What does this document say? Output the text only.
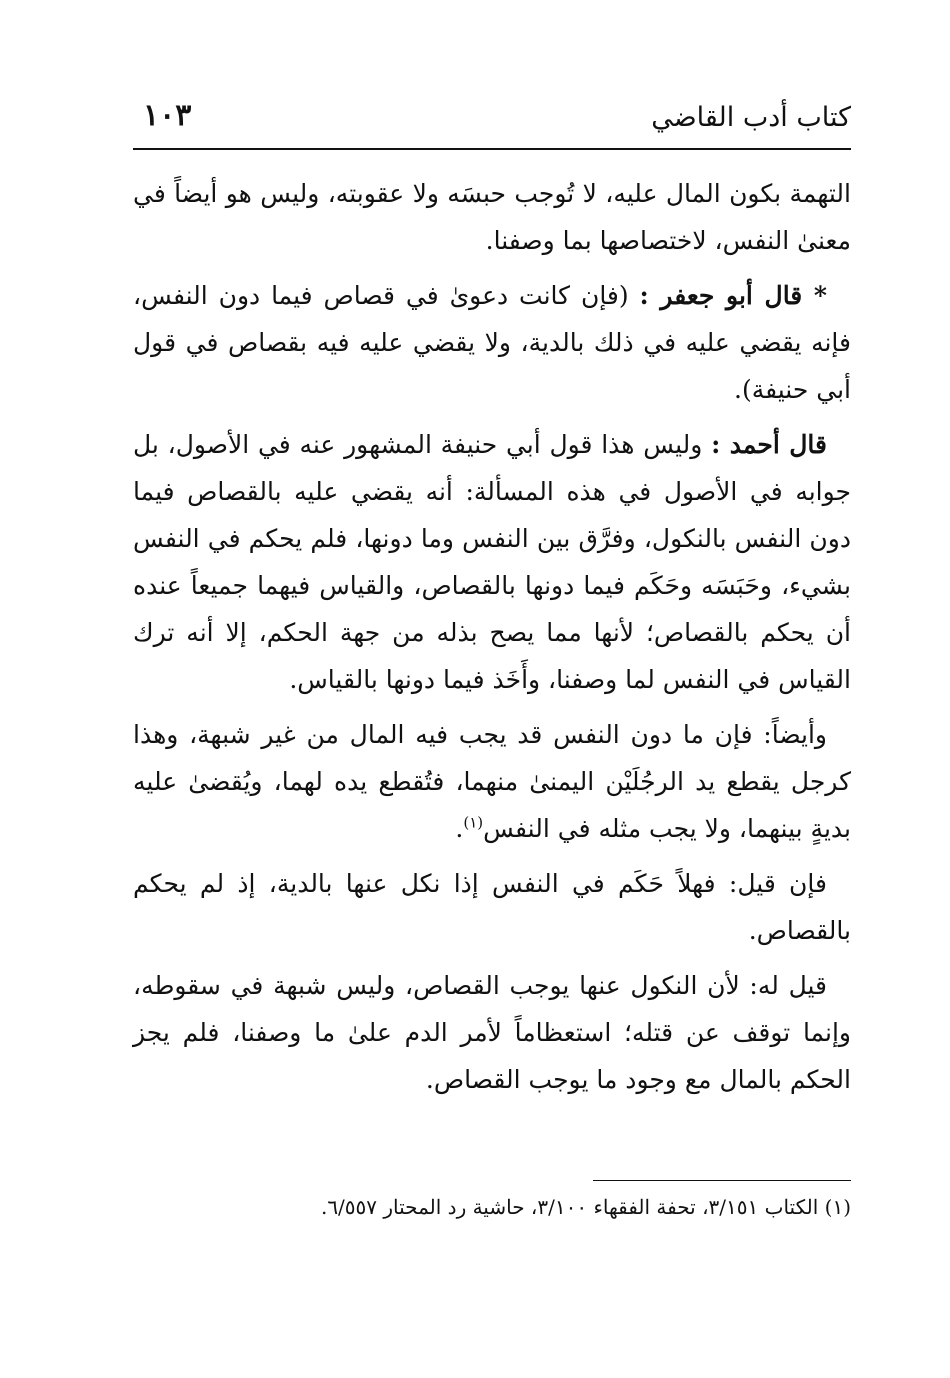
كتاب أدب القاضي
١٠٣

التهمة بكون المال عليه، لا تُوجب حبسَه ولا عقوبته، وليس هو أيضاً في معنىٰ النفس، لاختصاصها بما وصفنا.

* قال أبو جعفر : (فإن كانت دعوىٰ في قصاص فيما دون النفس، فإنه يقضي عليه في ذلك بالدية، ولا يقضي عليه فيه بقصاص في قول أبي حنيفة).

قال أحمد : وليس هذا قول أبي حنيفة المشهور عنه في الأصول، بل جوابه في الأصول في هذه المسألة: أنه يقضي عليه بالقصاص فيما دون النفس بالنكول، وفرَّق بين النفس وما دونها، فلم يحكم في النفس بشيء، وحَبَسَه وحَكَم فيما دونها بالقصاص، والقياس فيهما جميعاً عنده أن يحكم بالقصاص؛ لأنها مما يصح بذله من جهة الحكم، إلا أنه ترك القياس في النفس لما وصفنا، وأَخَذ فيما دونها بالقياس.

وأيضاً: فإن ما دون النفس قد يجب فيه المال من غير شبهة، وهذا كرجل يقطع يد الرجُلَيْن اليمنىٰ منهما، فتُقطع يده لهما، ويُقضىٰ عليه بديةٍ بينهما، ولا يجب مثله في النفس$^{(١)}$.

فإن قيل: فهلاً حَكَم في النفس إذا نكل عنها بالدية، إذ لم يحكم بالقصاص.

قيل له: لأن النكول عنها يوجب القصاص، وليس شبهة في سقوطه، وإنما توقف عن قتله؛ استعظاماً لأمر الدم علىٰ ما وصفنا، فلم يجز الحكم بالمال مع وجود ما يوجب القصاص.

(١) الكتاب ٣/١٥١، تحفة الفقهاء ٣/١٠٠، حاشية رد المحتار ٦/٥٥٧.
